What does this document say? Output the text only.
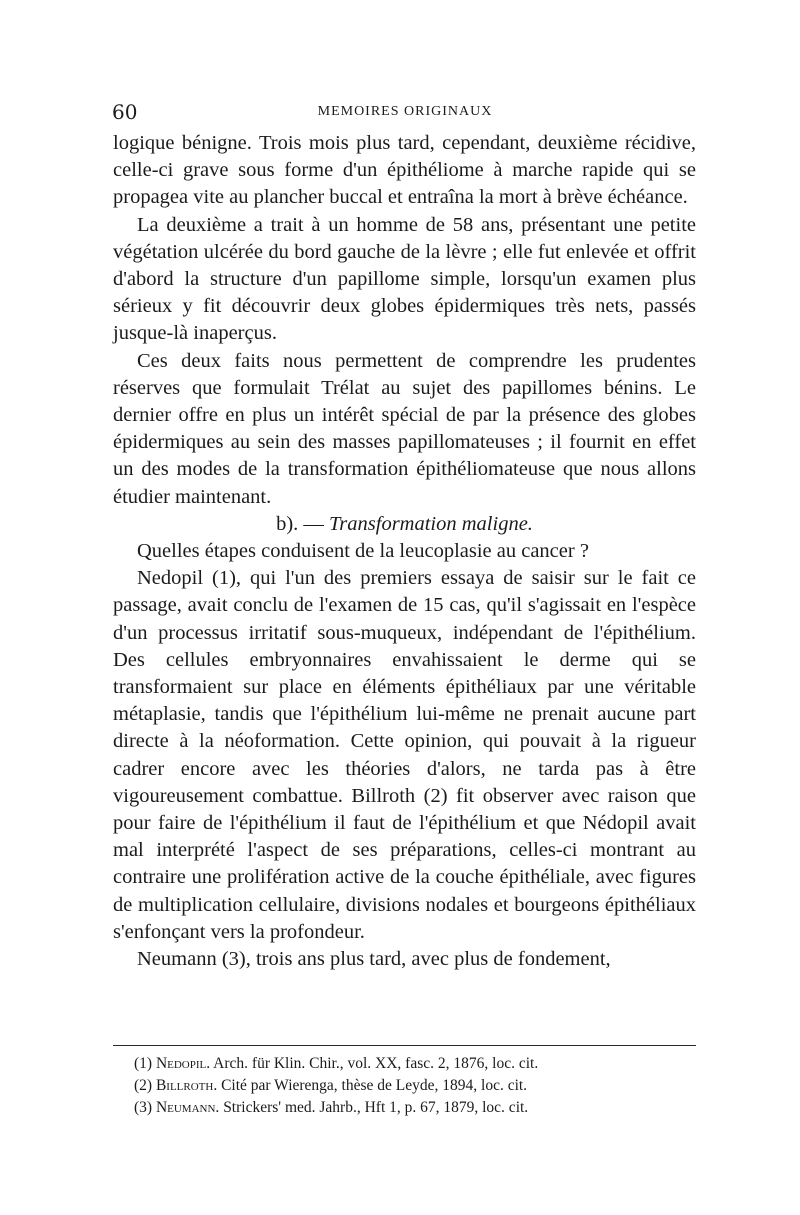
60	MEMOIRES ORIGINAUX

logique bénigne. Trois mois plus tard, cependant, deuxième récidive, celle-ci grave sous forme d'un épithéliome à marche rapide qui se propagea vite au plancher buccal et entraîna la mort à brève échéance.

La deuxième a trait à un homme de 58 ans, présentant une petite végétation ulcérée du bord gauche de la lèvre ; elle fut enlevée et offrit d'abord la structure d'un papillome simple, lorsqu'un examen plus sérieux y fit découvrir deux globes épidermiques très nets, passés jusque-là inaperçus.

Ces deux faits nous permettent de comprendre les prudentes réserves que formulait Trélat au sujet des papillomes bénins. Le dernier offre en plus un intérêt spécial de par la présence des globes épidermiques au sein des masses papillomateuses ; il fournit en effet un des modes de la transformation épithéliomateuse que nous allons étudier maintenant.

b). — Transformation maligne.

Quelles étapes conduisent de la leucoplasie au cancer ?

Nedopil (1), qui l'un des premiers essaya de saisir sur le fait ce passage, avait conclu de l'examen de 15 cas, qu'il s'agissait en l'espèce d'un processus irritatif sous-muqueux, indépendant de l'épithélium. Des cellules embryonnaires envahissaient le derme qui se transformaient sur place en éléments épithéliaux par une véritable métaplasie, tandis que l'épithélium lui-même ne prenait aucune part directe à la néoformation. Cette opinion, qui pouvait à la rigueur cadrer encore avec les théories d'alors, ne tarda pas à être vigoureusement combattue. Billroth (2) fit observer avec raison que pour faire de l'épithélium il faut de l'épithélium et que Nédopil avait mal interprété l'aspect de ses préparations, celles-ci montrant au contraire une prolifération active de la couche épithéliale, avec figures de multiplication cellulaire, divisions nodales et bourgeons épithéliaux s'enfonçant vers la profondeur.

Neumann (3), trois ans plus tard, avec plus de fondement,

(1) Nedopil. Arch. für Klin. Chir., vol. XX, fasc. 2, 1876, loc. cit.

(2) Billroth. Cité par Wierenga, thèse de Leyde, 1894, loc. cit.

(3) Neumann. Strickers' med. Jahrb., Hft 1, p. 67, 1879, loc. cit.
